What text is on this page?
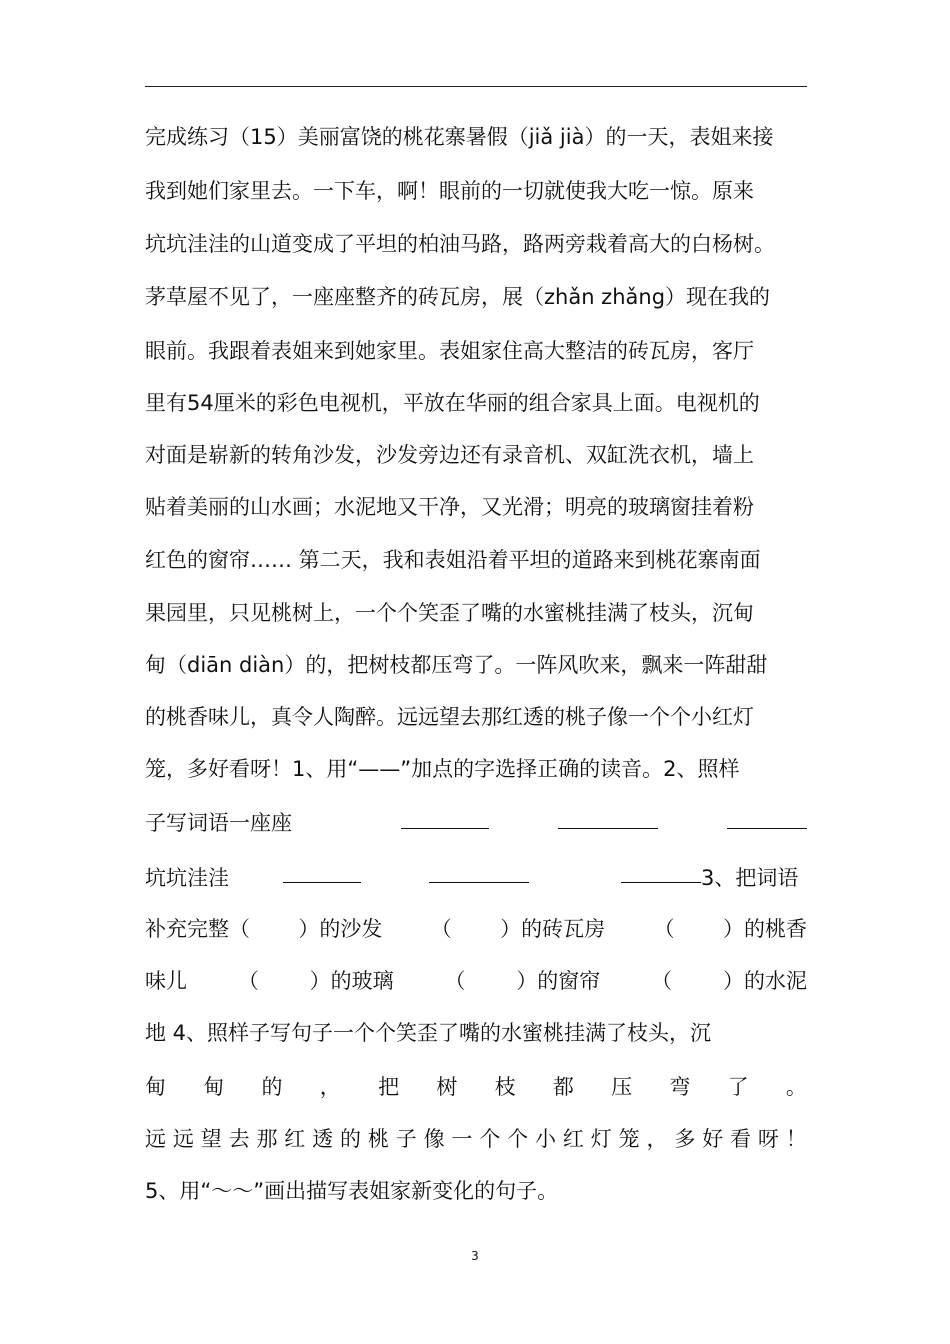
完成练习（15）美丽富饶的桃花寨暑假（jiǎ jià）的一天，表姐来接
我到她们家里去。一下车，啊！眼前的一切就使我大吃一惊。原来
坑坑洼洼的山道变成了平坦的柏油马路，路两旁栽着高大的白杨树。
茅草屋不见了，一座座整齐的砖瓦房，展（zhǎn zhǎng）现在我的
眼前。我跟着表姐来到她家里。表姐家住高大整洁的砖瓦房，客厅
里有54厘米的彩色电视机，平放在华丽的组合家具上面。电视机的
对面是崭新的转角沙发，沙发旁边还有录音机、双缸洗衣机，墙上
贴着美丽的山水画；水泥地又干净，又光滑；明亮的玻璃窗挂着粉
红色的窗帘…… 第二天，我和表姐沿着平坦的道路来到桃花寨南面
果园里，只见桃树上，一个个笑歪了嘴的水蜜桃挂满了枝头，沉甸
甸（diān diàn）的，把树枝都压弯了。一阵风吹来，飘来一阵甜甜
的桃香味儿，真令人陶醉。远远望去那红透的桃子像一个个小红灯
笼，多好看呀！1、用“——”加点的字选择正确的读音。2、照样
子写词语一座座
坑坑洼洼	3、把词语
补充完整（ ）的沙发 （ ）的砖瓦房 （ ）的桃香
味儿 （ ）的玻璃 （ ）的窗帘 （ ）的水泥
地 4、照样子写句子一个个笑歪了嘴的水蜜桃挂满了枝头，沉
甸 甸 的 ， 把 树 枝 都 压 弯 了 。
远 远 望 去 那 红 透 的 桃 子 像 一 个 个 小 红 灯 笼 ， 多 好 看 呀 ！
5、用“～～”画出描写表姐家新变化的句子。
3
